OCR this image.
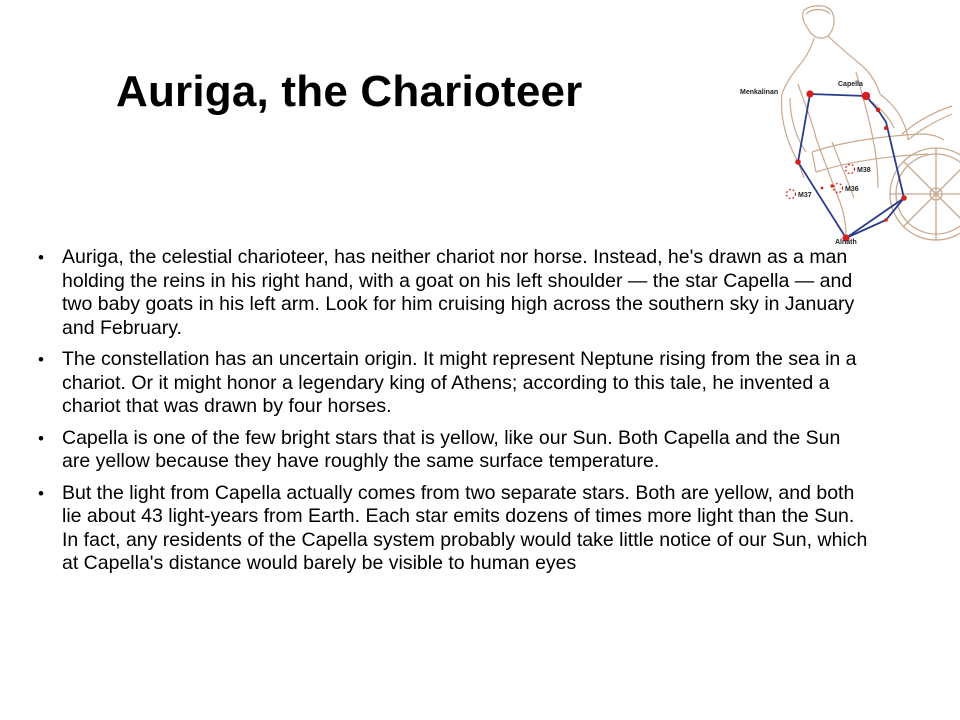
Auriga, the Charioteer	Menkalinan
Capella
M38
M36
M37
Alnath
• Auriga, the celestial charioteer, has neither chariot nor horse. Instead, he's drawn as a man holding the reins in his right hand, with a goat on his left shoulder — the star Capella — and two baby goats in his left arm. Look for him cruising high across the southern sky in January and February.
• The constellation has an uncertain origin. It might represent Neptune rising from the sea in a chariot. Or it might honor a legendary king of Athens; according to this tale, he invented a chariot that was drawn by four horses.
• Capella is one of the few bright stars that is yellow, like our Sun. Both Capella and the Sun are yellow because they have roughly the same surface temperature.
• But the light from Capella actually comes from two separate stars. Both are yellow, and both lie about 43 light-years from Earth. Each star emits dozens of times more light than the Sun. In fact, any residents of the Capella system probably would take little notice of our Sun, which at Capella's distance would barely be visible to human eyes
